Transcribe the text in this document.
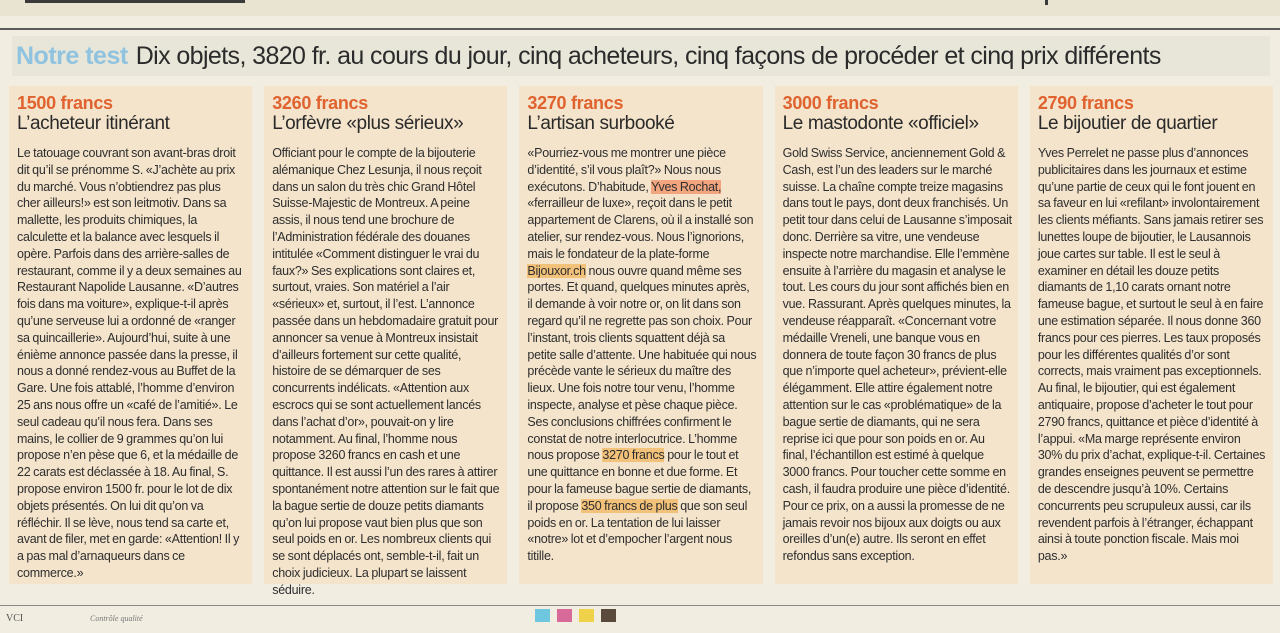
Notre test Dix objets, 3820 fr. au cours du jour, cinq acheteurs, cinq façons de procéder et cinq prix différents
1500 francs
L’acheteur itinérant
Le tatouage couvrant son avant-bras droit dit qu’il se prénomme S. «J’achète au prix du marché. Vous n’obtiendrez pas plus cher ailleurs!» est son leitmotiv. Dans sa mallette, les produits chimiques, la calculette et la balance avec lesquels il opère. Parfois dans des arrière-salles de restaurant, comme il y a deux semaines au Restaurant Napolide Lausanne. «D’autres fois dans ma voiture», explique-t-il après qu’une serveuse lui a ordonné de «ranger sa quincaillerie». Aujourd’hui, suite à une énième annonce passée dans la presse, il nous a donné rendez-vous au Buffet de la Gare. Une fois attablé, l’homme d’environ 25 ans nous offre un «café de l’amitié». Le seul cadeau qu’il nous fera. Dans ses mains, le collier de 9 grammes qu’on lui propose n’en pèse que 6, et la médaille de 22 carats est déclassée à 18. Au final, S. propose environ 1500 fr. pour le lot de dix objets présentés. On lui dit qu’on va réfléchir. Il se lève, nous tend sa carte et, avant de filer, met en garde: «Attention! Il y a pas mal d’arnaqueurs dans ce commerce.»
3260 francs
L’orfèvre «plus sérieux»
Officiant pour le compte de la bijouterie alémanique Chez Lesunja, il nous reçoit dans un salon du très chic Grand Hôtel Suisse-Majestic de Montreux. A peine assis, il nous tend une brochure de l’Administration fédérale des douanes intitulée «Comment distinguer le vrai du faux?» Ses explications sont claires et, surtout, vraies. Son matériel a l’air «sérieux» et, surtout, il l’est. L’annonce passée dans un hebdomadaire gratuit pour annoncer sa venue à Montreux insistait d’ailleurs fortement sur cette qualité, histoire de se démarquer de ses concurrents indélicats. «Attention aux escrocs qui se sont actuellement lancés dans l’achat d’or», pouvait-on y lire notamment. Au final, l’homme nous propose 3260 francs en cash et une quittance. Il est aussi l’un des rares à attirer spontanément notre attention sur le fait que la bague sertie de douze petits diamants qu’on lui propose vaut bien plus que son seul poids en or. Les nombreux clients qui se sont déplacés ont, semble-t-il, fait un choix judicieux. La plupart se laissent séduire.
3270 francs
L’artisan surbooké
«Pourriez-vous me montrer une pièce d’identité, s’il vous plaît?» Nous nous exécutons. D’habitude, Yves Rochat, «ferrailleur de luxe», reçoit dans le petit appartement de Clarens, où il a installé son atelier, sur rendez-vous. Nous l’ignorions, mais le fondateur de la plate-forme Bijouxor.ch nous ouvre quand même ses portes. Et quand, quelques minutes après, il demande à voir notre or, on lit dans son regard qu’il ne regrette pas son choix. Pour l’instant, trois clients squattent déjà sa petite salle d’attente. Une habituée qui nous précède vante le sérieux du maître des lieux. Une fois notre tour venu, l’homme inspecte, analyse et pèse chaque pièce. Ses conclusions chiffrées confirment le constat de notre interlocutrice. L’homme nous propose 3270 francs pour le tout et une quittance en bonne et due forme. Et pour la fameuse bague sertie de diamants, il propose 350 francs de plus que son seul poids en or. La tentation de lui laisser «notre» lot et d’empocher l’argent nous titille.
3000 francs
Le mastodonte «officiel»
Gold Swiss Service, anciennement Gold & Cash, est l’un des leaders sur le marché suisse. La chaîne compte treize magasins dans tout le pays, dont deux franchisés. Un petit tour dans celui de Lausanne s’imposait donc. Derrière sa vitre, une vendeuse inspecte notre marchandise. Elle l’emmène ensuite à l’arrière du magasin et analyse le tout. Les cours du jour sont affichés bien en vue. Rassurant. Après quelques minutes, la vendeuse réapparaît. «Concernant votre médaille Vreneli, une banque vous en donnera de toute façon 30 francs de plus que n’importe quel acheteur», prévient-elle élégamment. Elle attire également notre attention sur le cas «problématique» de la bague sertie de diamants, qui ne sera reprise ici que pour son poids en or. Au final, l’échantillon est estimé à quelque 3000 francs. Pour toucher cette somme en cash, il faudra produire une pièce d’identité. Pour ce prix, on a aussi la promesse de ne jamais revoir nos bijoux aux doigts ou aux oreilles d’un(e) autre. Ils seront en effet refondus sans exception.
2790 francs
Le bijoutier de quartier
Yves Perrelet ne passe plus d’annonces publicitaires dans les journaux et estime qu’une partie de ceux qui le font jouent en sa faveur en lui «refilant» involontairement les clients méfiants. Sans jamais retirer ses lunettes loupe de bijoutier, le Lausannois joue cartes sur table. Il est le seul à examiner en détail les douze petits diamants de 1,10 carats ornant notre fameuse bague, et surtout le seul à en faire une estimation séparée. Il nous donne 360 francs pour ces pierres. Les taux proposés pour les différentes qualités d’or sont corrects, mais vraiment pas exceptionnels. Au final, le bijoutier, qui est également antiquaire, propose d’acheter le tout pour 2790 francs, quittance et pièce d’identité à l’appui. «Ma marge représente environ 30% du prix d’achat, explique-t-il. Certaines grandes enseignes peuvent se permettre de descendre jusqu’à 10%. Certains concurrents peu scrupuleux aussi, car ils revendent parfois à l’étranger, échappant ainsi à toute ponction fiscale. Mais moi pas.»
VCI	Contrôle qualité
